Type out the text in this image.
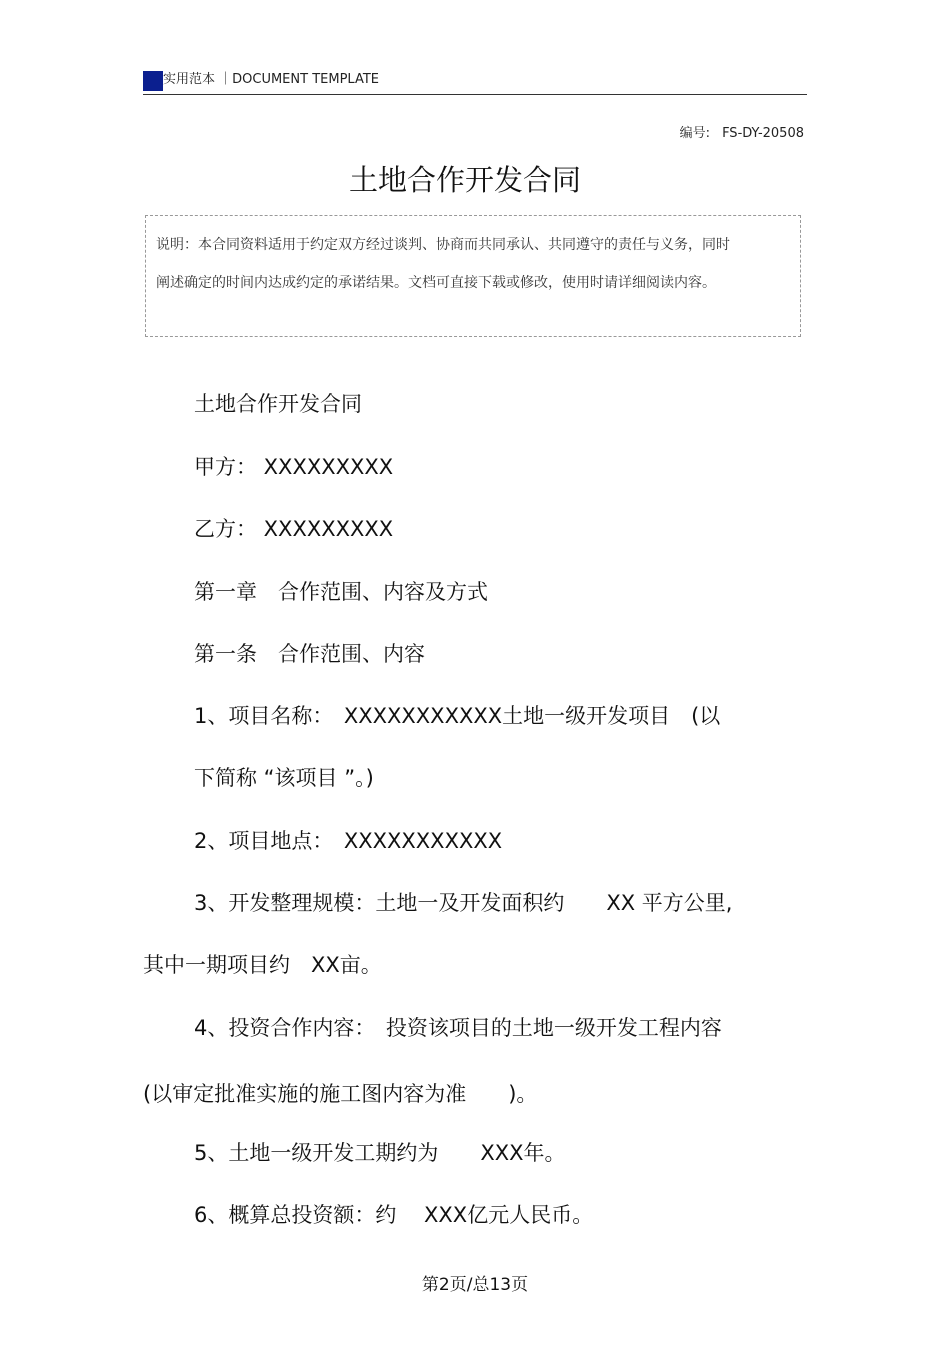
实用范本 ｜DOCUMENT TEMPLATE
编号: FS-DY-20508
土地合作开发合同

说明：本合同资料适用于约定双方经过谈判、协商而共同承认、共同遵守的责任与义务，同时阐述确定的时间内达成约定的承诺结果。文档可直接下载或修改，使用时请详细阅读内容。

土地合作开发合同
甲方： XXXXXXXXX
乙方： XXXXXXXXX
第一章　合作范围、内容及方式
第一条　合作范围、内容
1、项目名称：　XXXXXXXXXXX土地一级开发项目　(以
下简称 “该项目 ”。)
2、项目地点：　XXXXXXXXXXX
3、开发整理规模：土地一及开发面积约　　XX 平方公里,
其中一期项目约　XX亩。
4、投资合作内容：　投资该项目的土地一级开发工程内容
(以审定批准实施的施工图内容为准　　)。
5、土地一级开发工期约为　　XXX年。
6、概算总投资额：约　 XXX亿元人民币。
第2页/总13页
